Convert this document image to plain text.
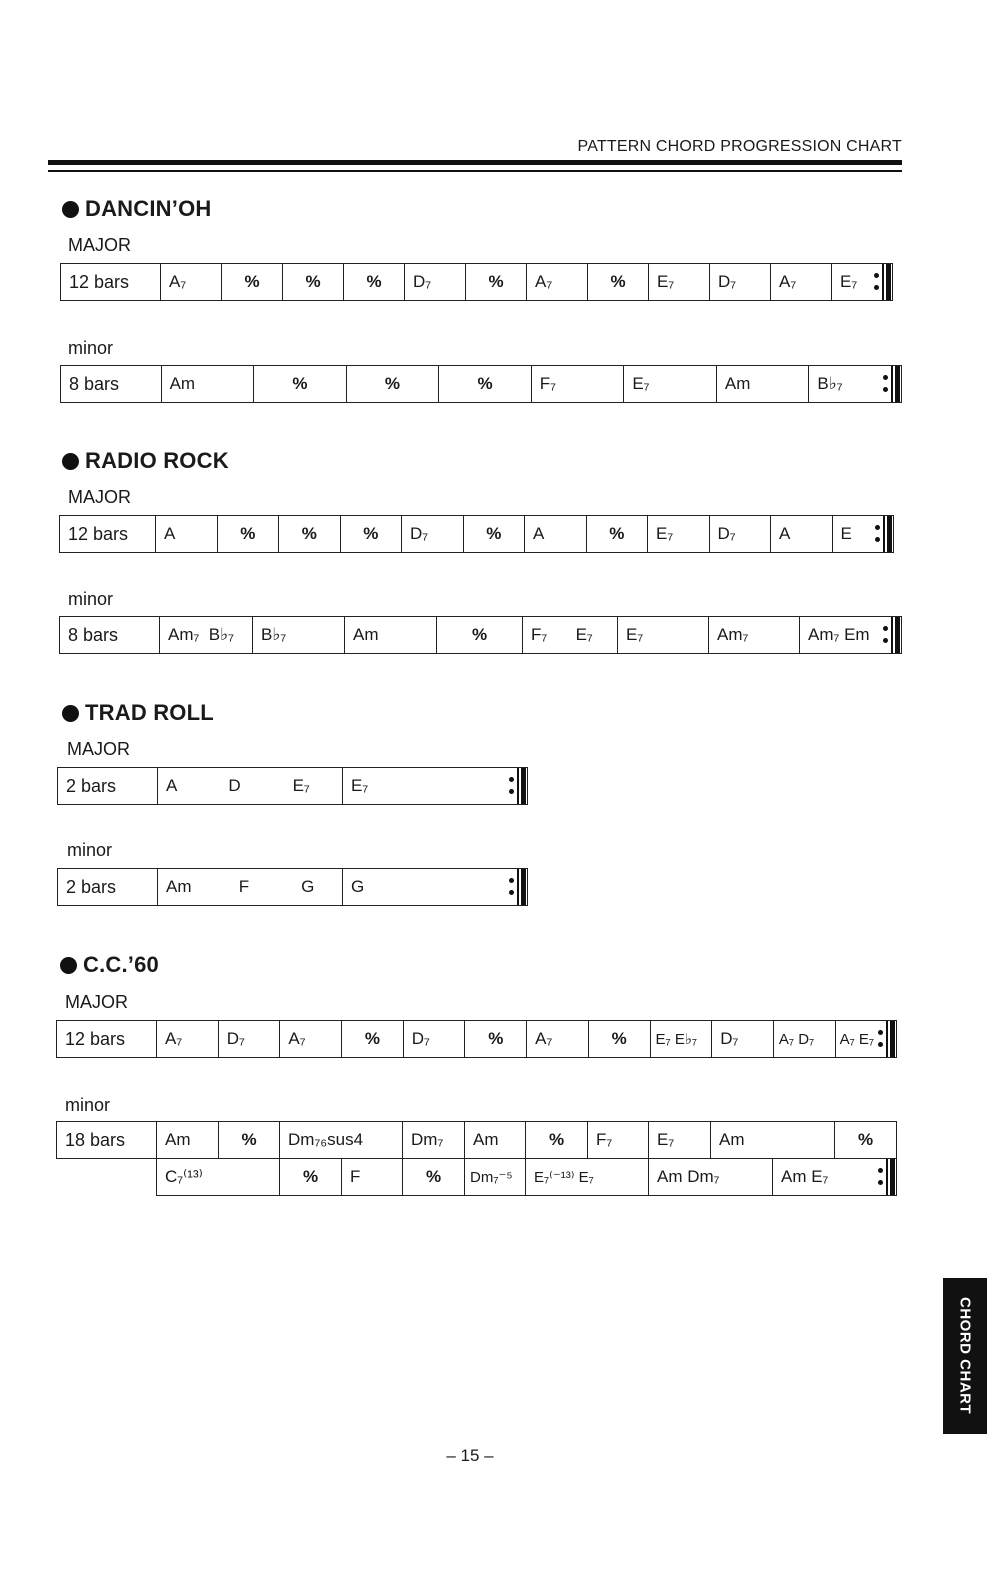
PATTERN CHORD PROGRESSION CHART
DANCIN’OH
MAJOR
12 bars	A₇	%	%	%	D₇	%	A₇	%	E₇	D₇	A₇	E₇
minor
8 bars	Am	%	%	%	F₇	E₇	Am	B♭₇
RADIO ROCK
MAJOR
12 bars	A	%	%	%	D₇	%	A	%	E₇	D₇	A	E
minor
8 bars	Am₇  B♭₇	B♭₇	Am	%	F₇      E₇	E₇	Am₇	Am₇ Em
TRAD ROLL
MAJOR
2 bars	A           D           E₇	E₇
minor
2 bars	Am          F           G	G
C.C.’60
MAJOR
12 bars	A₇	D₇	A₇	%	D₇	%	A₇	%	E₇ E♭₇	D₇	A₇ D₇	A₇ E₇
minor
18 bars	Am	%	Dm₇₆sus4		Dm₇	Am	%	F₇	E₇	Am		%
	C₇⁽¹³⁾		%	F	%	Dm₇⁻⁵	E₇⁽⁻¹³⁾ E₇		Am Dm₇		Am E₇	
CHORD CHART
– 15 –
